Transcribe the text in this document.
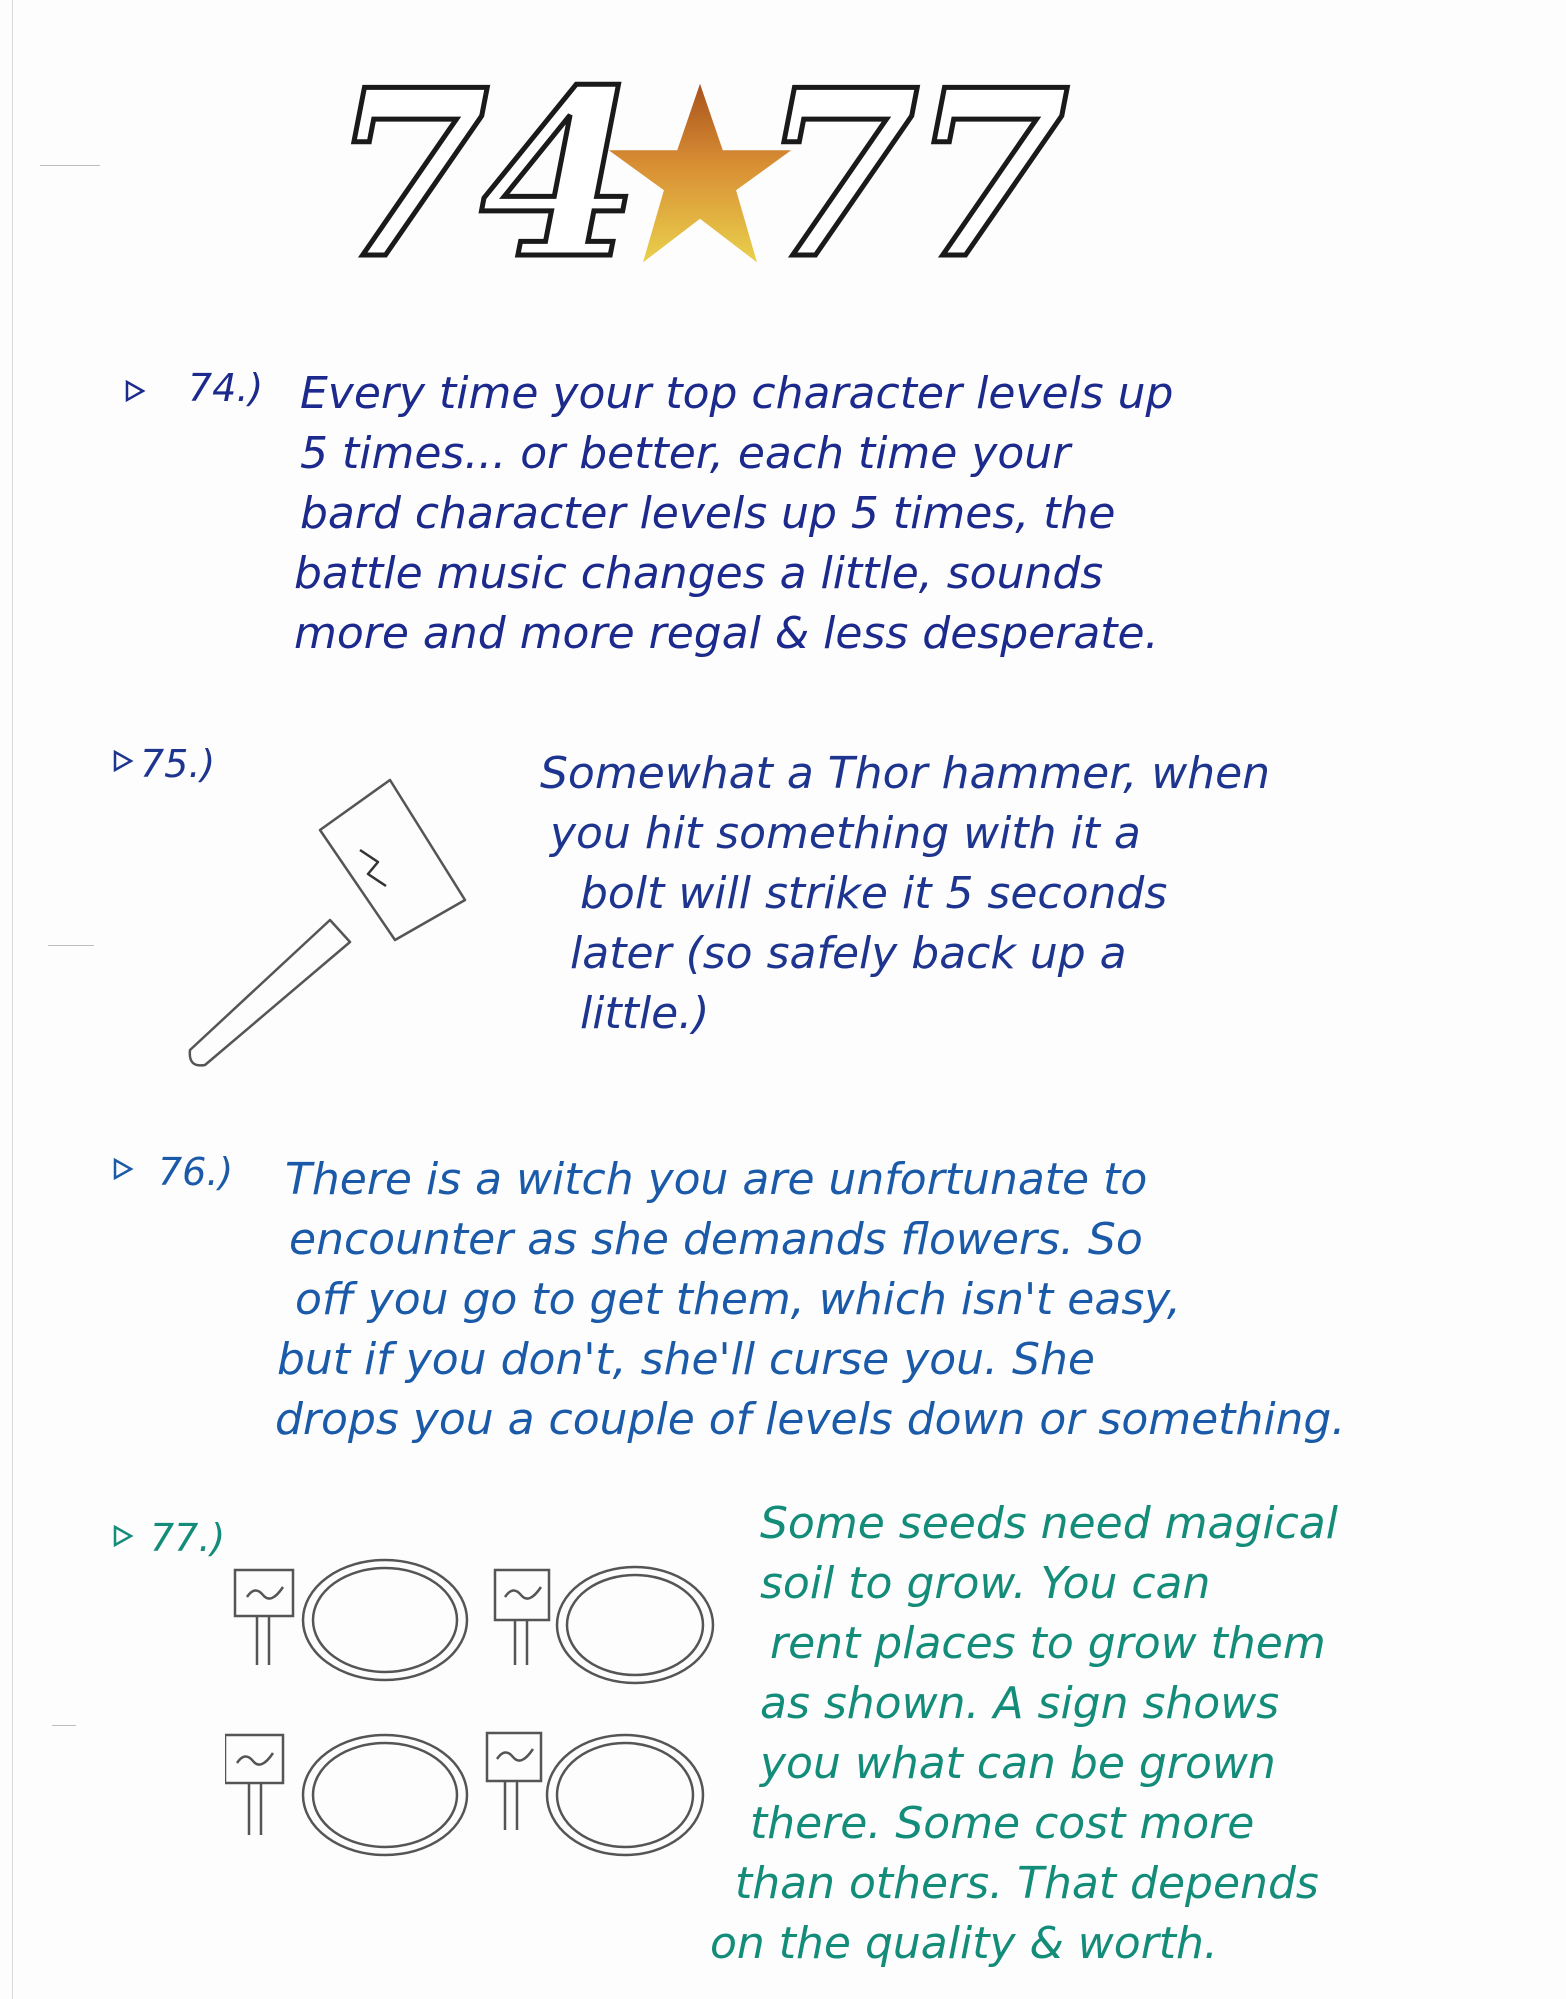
74 77
74.) Every time your top character levels up
5 times... or better, each time your
bard character levels up 5 times, the
battle music changes a little, sounds
more and more regal & less desperate.

75.)	Somewhat a Thor hammer, when
you hit something with it a
bolt will strike it 5 seconds
later (so safely back up a
little.)

76.) There is a witch you are unfortunate to
encounter as she demands flowers. So
off you go to get them, which isn't easy,
but if you don't, she'll curse you. She
drops you a couple of levels down or something.

77.)	Some seeds need magical
soil to grow. You can
rent places to grow them
as shown. A sign shows
you what can be grown
there. Some cost more
than others. That depends
on the quality & worth.
